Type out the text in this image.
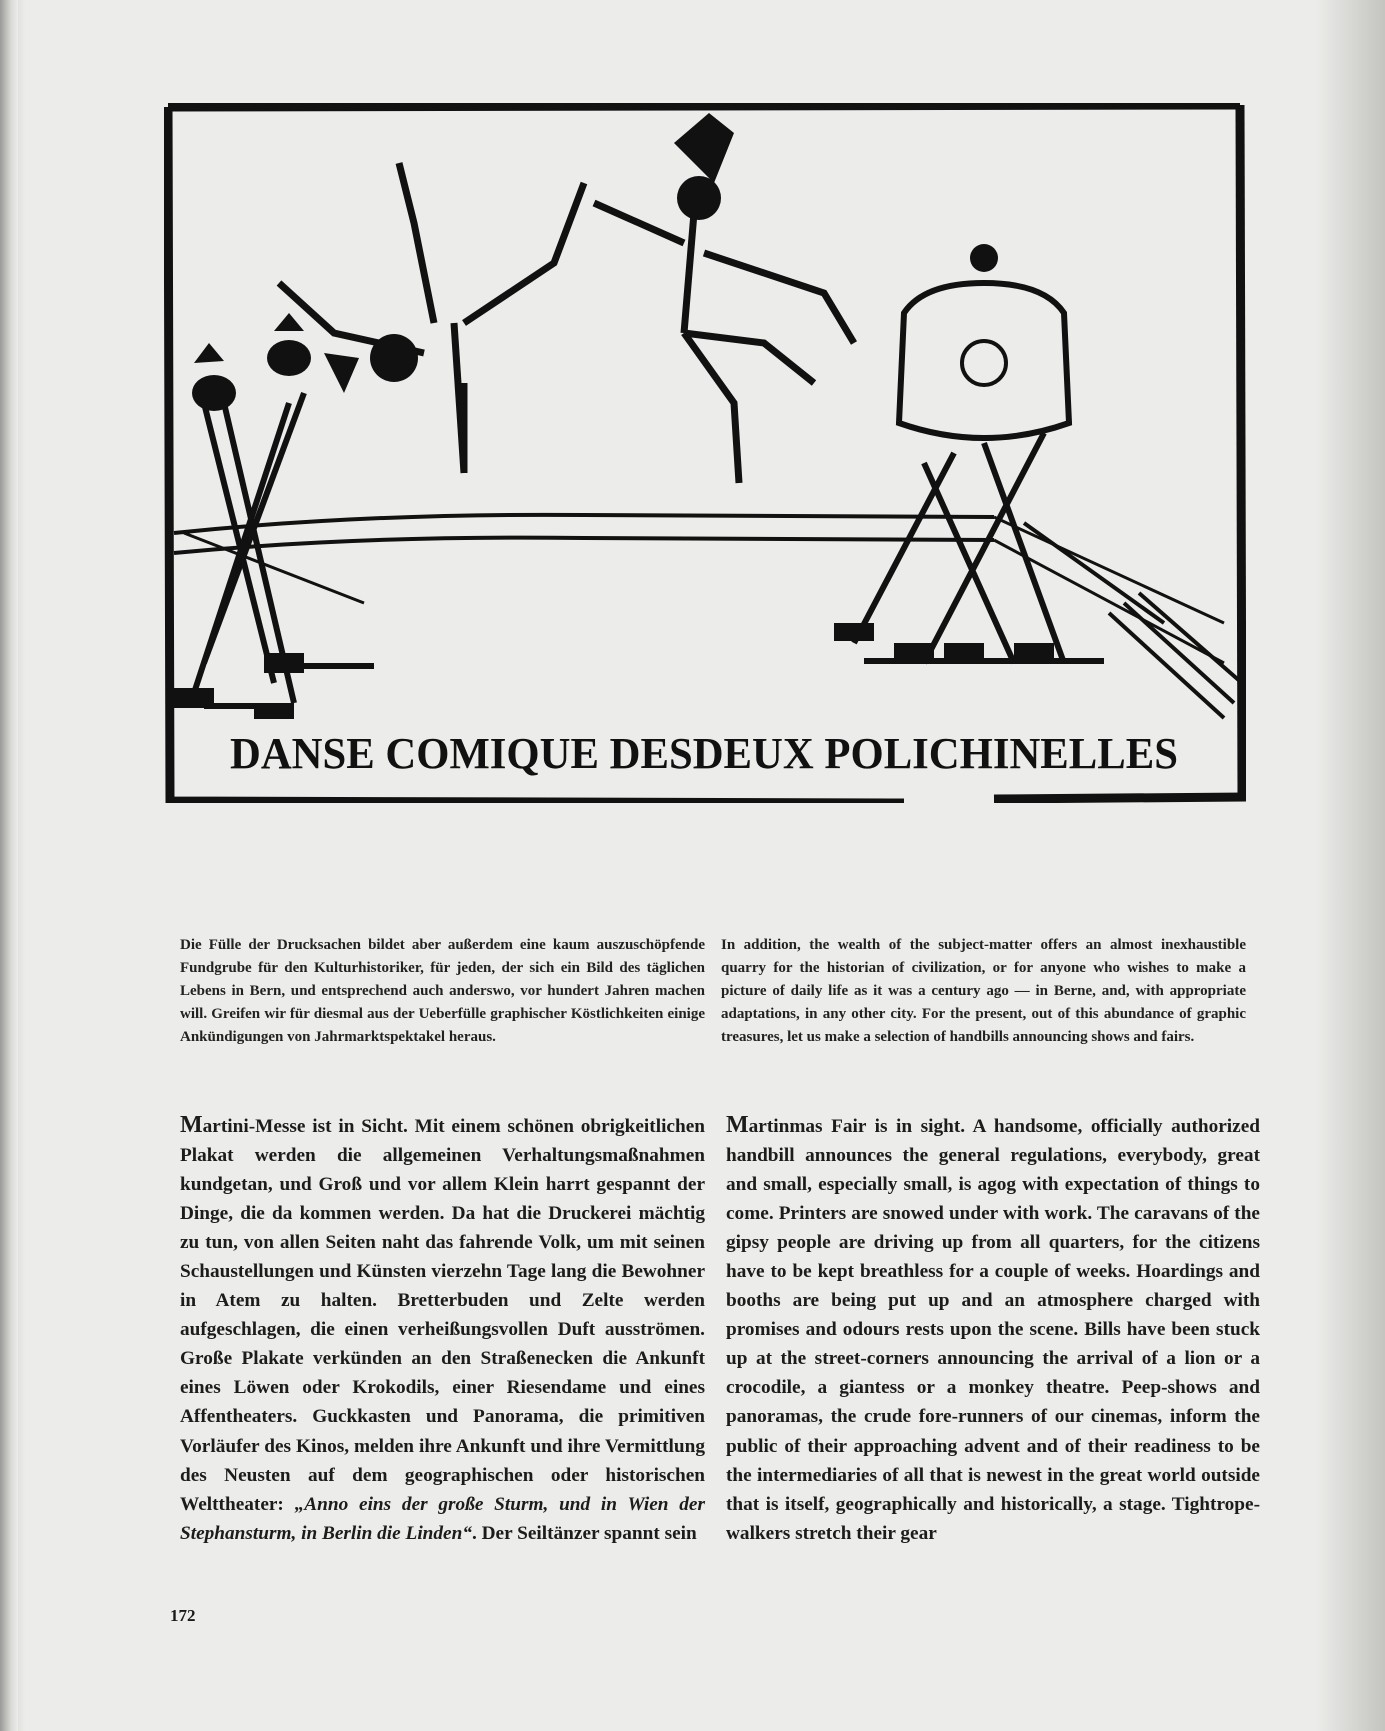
DANSE COMIQUE DESDEUX POLICHINELLES
Die Fülle der Drucksachen bildet aber außerdem eine kaum auszuschöpfende Fundgrube für den Kulturhistoriker, für jeden, der sich ein Bild des täglichen Lebens in Bern, und entsprechend auch anderswo, vor hundert Jahren machen will. Greifen wir für diesmal aus der Ueberfülle graphischer Köstlichkeiten einige Ankündigungen von Jahrmarktspektakel heraus.
In addition, the wealth of the subject-matter offers an almost inexhaustible quarry for the historian of civilization, or for anyone who wishes to make a picture of daily life as it was a century ago — in Berne, and, with appropriate adaptations, in any other city. For the present, out of this abundance of graphic treasures, let us make a selection of handbills announcing shows and fairs.
Martini-Messe ist in Sicht. Mit einem schönen obrigkeitlichen Plakat werden die allgemeinen Verhaltungsmaßnahmen kundgetan, und Groß und vor allem Klein harrt gespannt der Dinge, die da kommen werden. Da hat die Druckerei mächtig zu tun, von allen Seiten naht das fahrende Volk, um mit seinen Schaustellungen und Künsten vierzehn Tage lang die Bewohner in Atem zu halten. Bretterbuden und Zelte werden aufgeschlagen, die einen verheißungsvollen Duft ausströmen. Große Plakate verkünden an den Straßenecken die Ankunft eines Löwen oder Krokodils, einer Riesendame und eines Affentheaters. Guckkasten und Panorama, die primitiven Vorläufer des Kinos, melden ihre Ankunft und ihre Vermittlung des Neusten auf dem geographischen oder historischen Welttheater: „Anno eins der große Sturm, und in Wien der Stephansturm, in Berlin die Linden“. Der Seiltänzer spannt sein
Martinmas Fair is in sight. A handsome, officially authorized handbill announces the general regulations, everybody, great and small, especially small, is agog with expectation of things to come. Printers are snowed under with work. The caravans of the gipsy people are driving up from all quarters, for the citizens have to be kept breathless for a couple of weeks. Hoardings and booths are being put up and an atmosphere charged with promises and odours rests upon the scene. Bills have been stuck up at the street-corners announcing the arrival of a lion or a crocodile, a giantess or a monkey theatre. Peep-shows and panoramas, the crude fore-runners of our cinemas, inform the public of their approaching advent and of their readiness to be the intermediaries of all that is newest in the great world outside that is itself, geographically and historically, a stage. Tightrope-walkers stretch their gear
172
